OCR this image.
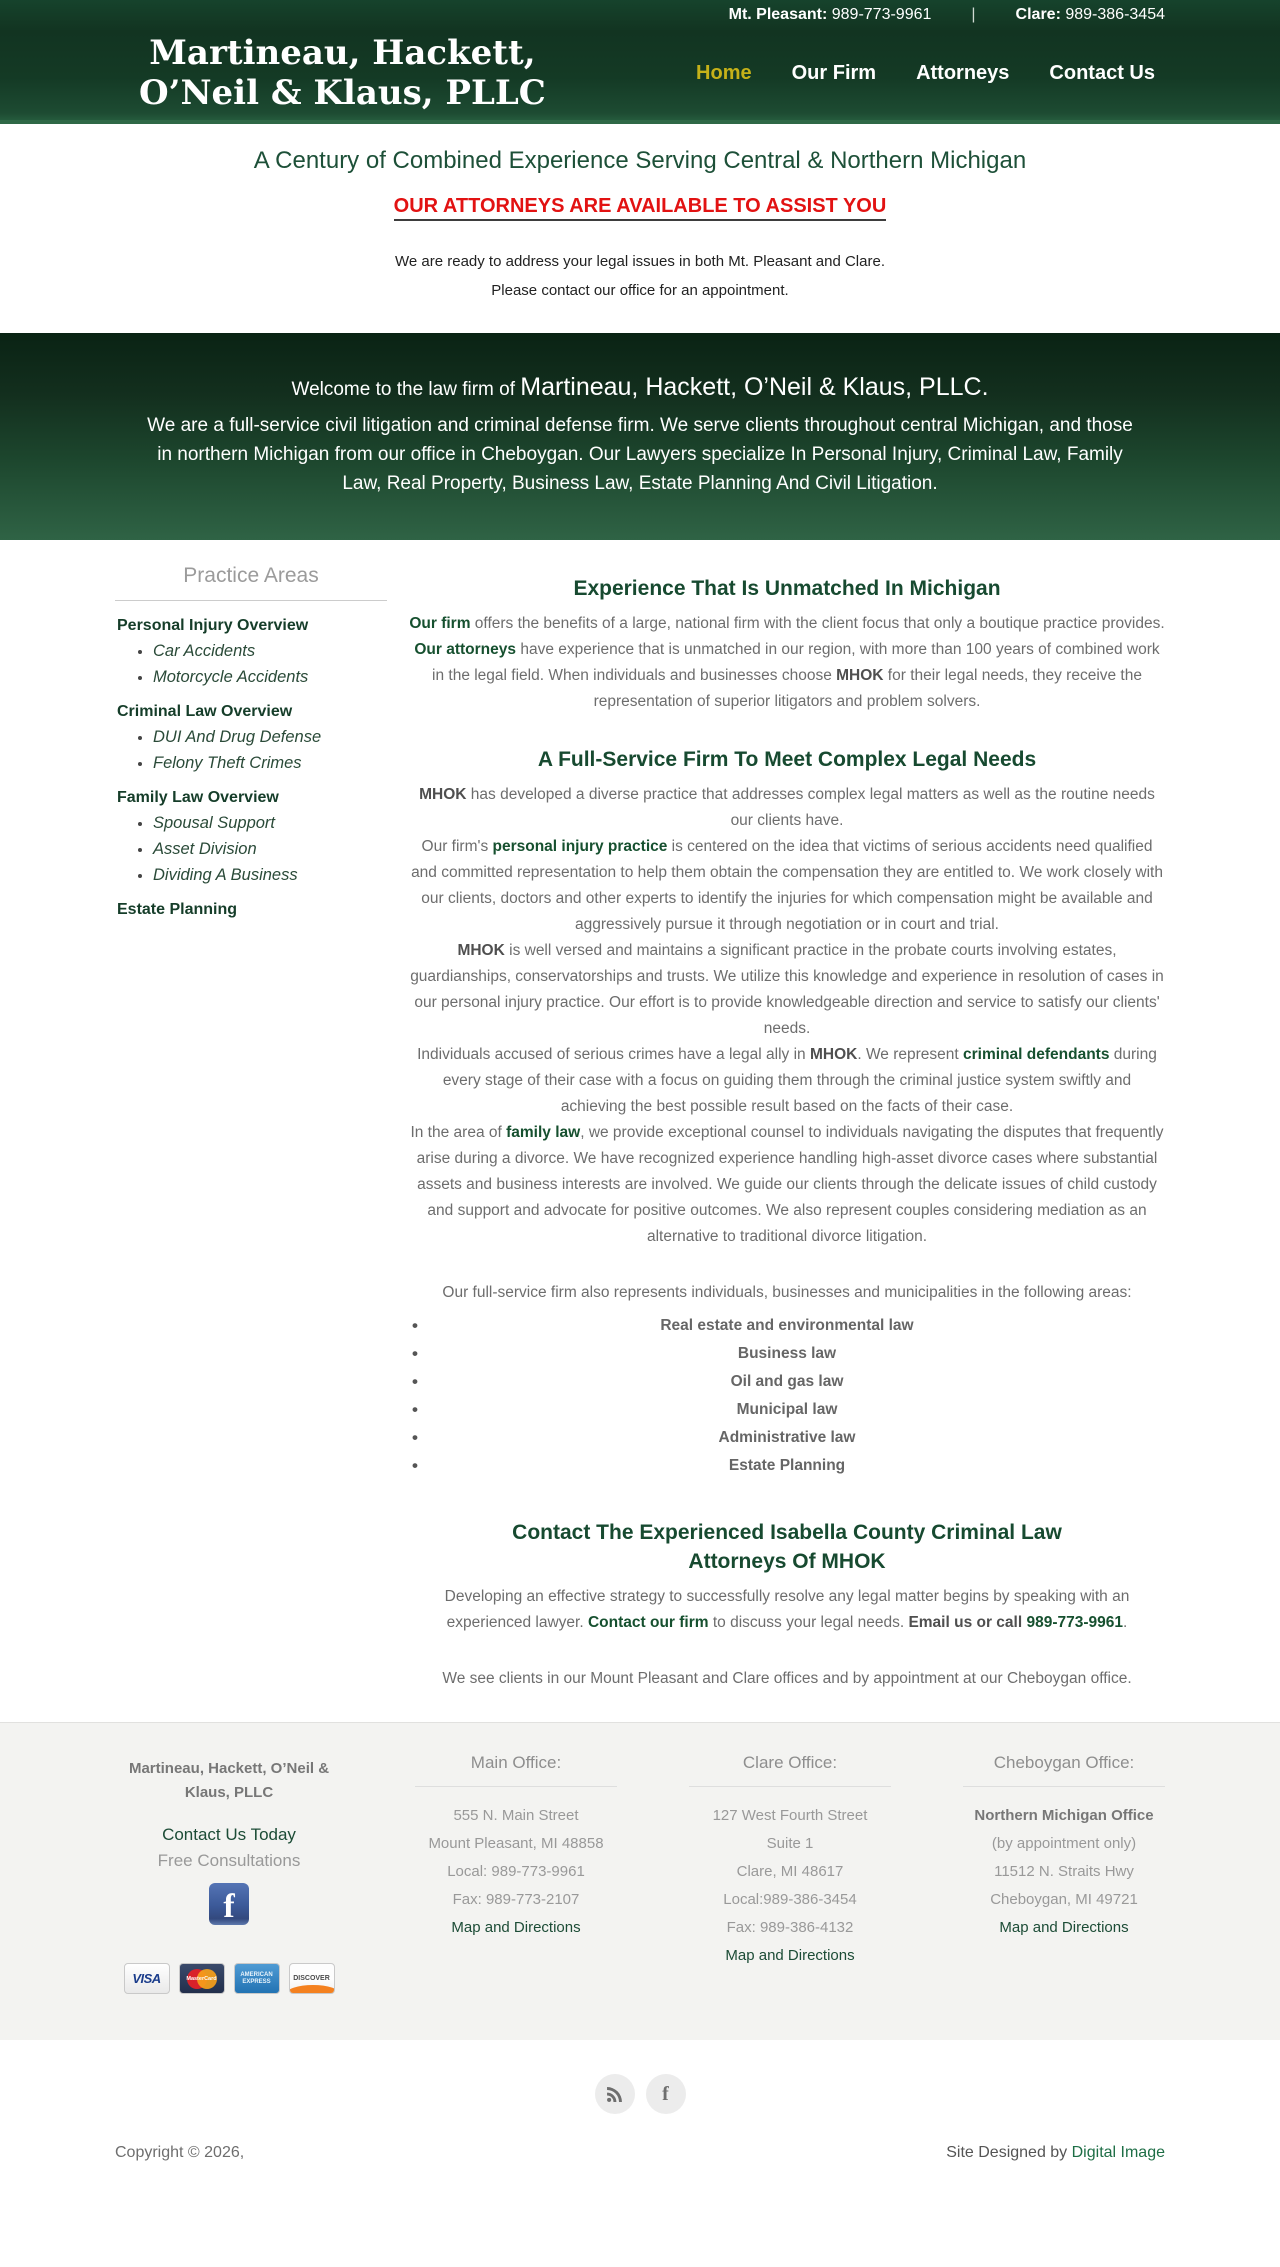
Mt. Pleasant: 989-773-9961	|	Clare: 989-386-3454
Martineau, Hackett,
O’Neil & Klaus, PLLC
Home Our Firm Attorneys Contact Us
A Century of Combined Experience Serving Central & Northern Michigan
OUR ATTORNEYS ARE AVAILABLE TO ASSIST YOU

We are ready to address your legal issues in both Mt. Pleasant and Clare.

Please contact our office for an appointment.

Welcome to the law firm of Martineau, Hackett, O’Neil & Klaus, PLLC.

We are a full-service civil litigation and criminal defense firm. We serve clients throughout central Michigan, and those in northern Michigan from our office in Cheboygan. Our Lawyers specialize In Personal Injury, Criminal Law, Family Law, Real Property, Business Law, Estate Planning And Civil Litigation.

Practice Areas
Personal Injury Overview
• Car Accidents
• Motorcycle Accidents
Criminal Law Overview
• DUI And Drug Defense
• Felony Theft Crimes
Family Law Overview
• Spousal Support
• Asset Division
• Dividing A Business
Estate Planning
Experience That Is Unmatched In Michigan

Our firm offers the benefits of a large, national firm with the client focus that only a boutique practice provides. Our attorneys have experience that is unmatched in our region, with more than 100 years of combined work in the legal field. When individuals and businesses choose MHOK for their legal needs, they receive the representation of superior litigators and problem solvers.

A Full-Service Firm To Meet Complex Legal Needs

MHOK has developed a diverse practice that addresses complex legal matters as well as the routine needs our clients have.

Our firm's personal injury practice is centered on the idea that victims of serious accidents need qualified and committed representation to help them obtain the compensation they are entitled to. We work closely with our clients, doctors and other experts to identify the injuries for which compensation might be available and aggressively pursue it through negotiation or in court and trial.

MHOK is well versed and maintains a significant practice in the probate courts involving estates, guardianships, conservatorships and trusts. We utilize this knowledge and experience in resolution of cases in our personal injury practice. Our effort is to provide knowledgeable direction and service to satisfy our clients' needs.

Individuals accused of serious crimes have a legal ally in MHOK. We represent criminal defendants during every stage of their case with a focus on guiding them through the criminal justice system swiftly and achieving the best possible result based on the facts of their case.

In the area of family law, we provide exceptional counsel to individuals navigating the disputes that frequently arise during a divorce. We have recognized experience handling high-asset divorce cases where substantial assets and business interests are involved. We guide our clients through the delicate issues of child custody and support and advocate for positive outcomes. We also represent couples considering mediation as an alternative to traditional divorce litigation.

Our full-service firm also represents individuals, businesses and municipalities in the following areas:

• Real estate and environmental law
• Business law
• Oil and gas law
• Municipal law
• Administrative law
• Estate Planning
Contact The Experienced Isabella County Criminal Law Attorneys Of MHOK

Developing an effective strategy to successfully resolve any legal matter begins by speaking with an experienced lawyer. Contact our firm to discuss your legal needs. Email us or call 989-773-9961.

We see clients in our Mount Pleasant and Clare offices and by appointment at our Cheboygan office.

Martineau, Hackett, O’Neil & Klaus, PLLC
Contact Us Today
Free Consultations
f
VISA	MasterCard
AMERICAN EXPRESS	DISCOVER
Main Office:
555 N. Main Street
Mount Pleasant, MI 48858
Local: 989-773-9961
Fax: 989-773-2107
Map and Directions
Clare Office:
127 West Fourth Street
Suite 1
Clare, MI 48617
Local:989-386-3454
Fax: 989-386-4132
Map and Directions
Cheboygan Office:
Northern Michigan Office
(by appointment only)
11512 N. Straits Hwy
Cheboygan, MI 49721
Map and Directions
f
Copyright © 2026,	Site Designed by Digital Image
